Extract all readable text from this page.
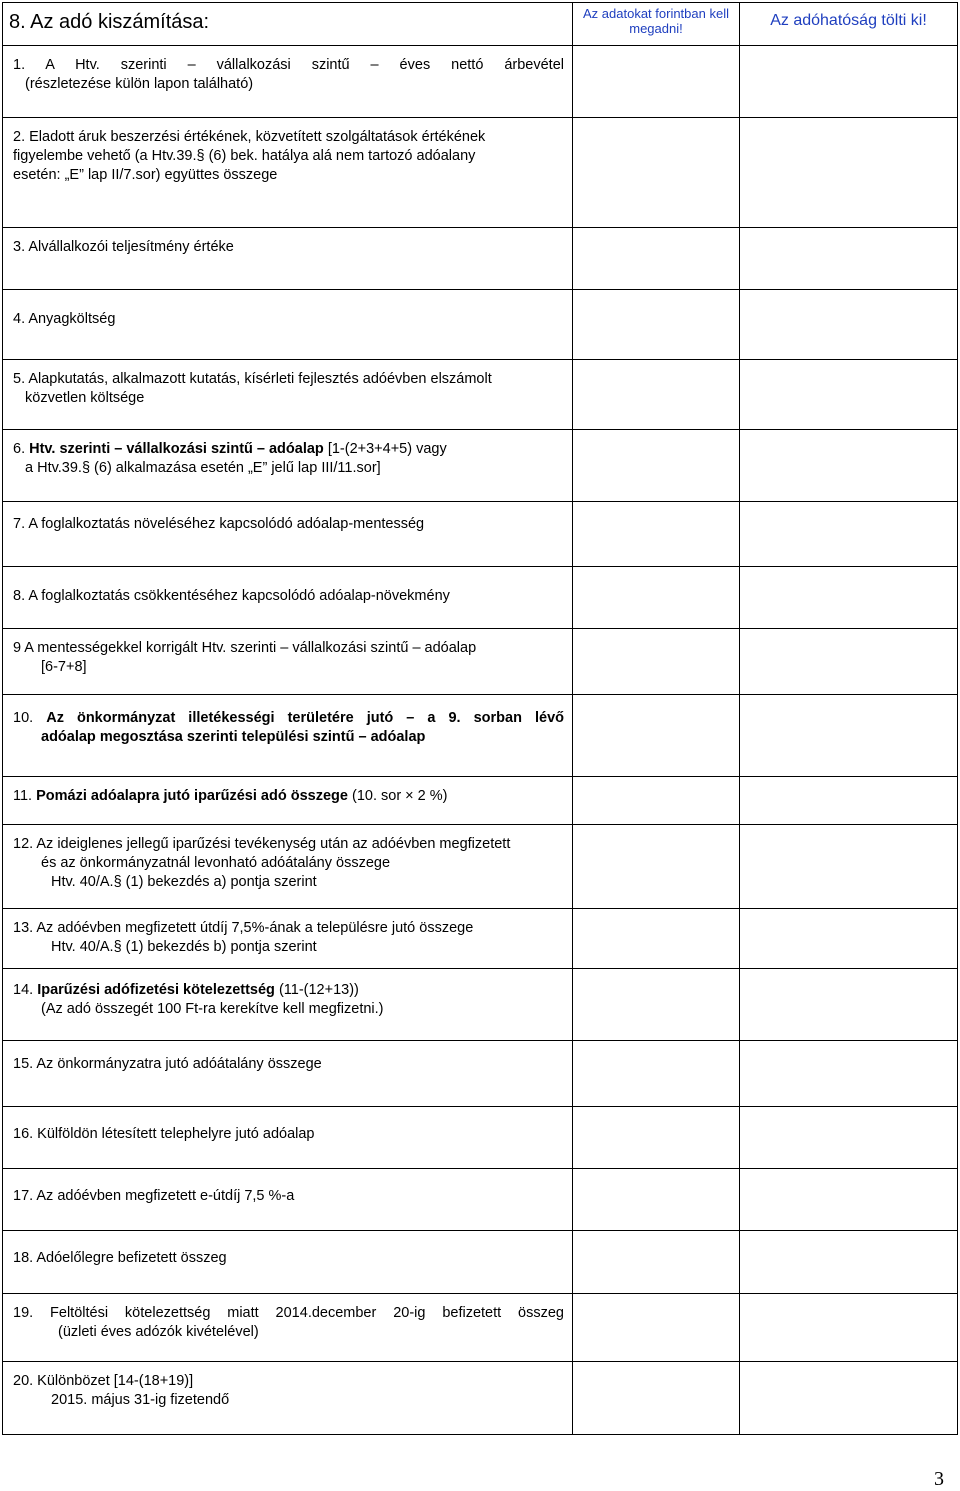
8. Az adó kiszámítása:	Az adatokat forintban kell megadni!	Az adóhatóság tölti ki!

1. A Htv. szerinti – vállalkozási szintű – éves nettó árbevétel
(részletezése külön lapon található)		

2. Eladott áruk beszerzési értékének, közvetített szolgáltatások értékének
figyelembe vehető (a Htv.39.§ (6) bek. hatálya alá nem tartozó adóalany
esetén: „E” lap II/7.sor) együttes összege		

3. Alvállalkozói teljesítmény értéke		
4. Anyagköltség		

5. Alapkutatás, alkalmazott kutatás, kísérleti fejlesztés adóévben elszámolt
közvetlen költsége		

6. Htv. szerinti – vállalkozási szintű – adóalap [1-(2+3+4+5) vagy
a Htv.39.§ (6) alkalmazása esetén „E” jelű lap III/11.sor]		

7. A foglalkoztatás növeléséhez kapcsolódó adóalap-mentesség		
8. A foglalkoztatás csökkentéséhez kapcsolódó adóalap-növekmény		

9 A mentességekkel korrigált Htv. szerinti – vállalkozási szintű – adóalap
[6-7+8]		

10. Az önkormányzat illetékességi területére jutó – a 9. sorban lévő
adóalap megosztása szerinti települési szintű – adóalap		

11. Pomázi adóalapra jutó iparűzési adó összege (10. sor × 2 %)		

12. Az ideiglenes jellegű iparűzési tevékenység után az adóévben megfizetett
és az önkormányzatnál levonható adóátalány összege
Htv. 40/A.§ (1) bekezdés a) pontja szerint		

13. Az adóévben megfizetett útdíj 7,5%-ának a településre jutó összege
Htv. 40/A.§ (1) bekezdés b) pontja szerint		

14. Iparűzési adófizetési kötelezettség (11-(12+13))
(Az adó összegét 100 Ft-ra kerekítve kell megfizetni.)		

15. Az önkormányzatra jutó adóátalány összege		
16. Külföldön létesített telephelyre jutó adóalap		
17. Az adóévben megfizetett e-útdíj 7,5 %-a		
18. Adóelőlegre befizetett összeg		

19. Feltöltési kötelezettség miatt 2014.december 20-ig befizetett összeg
(üzleti éves adózók kivételével)		

20. Különbözet [14-(18+19)]
2015. május 31-ig fizetendő		

3
